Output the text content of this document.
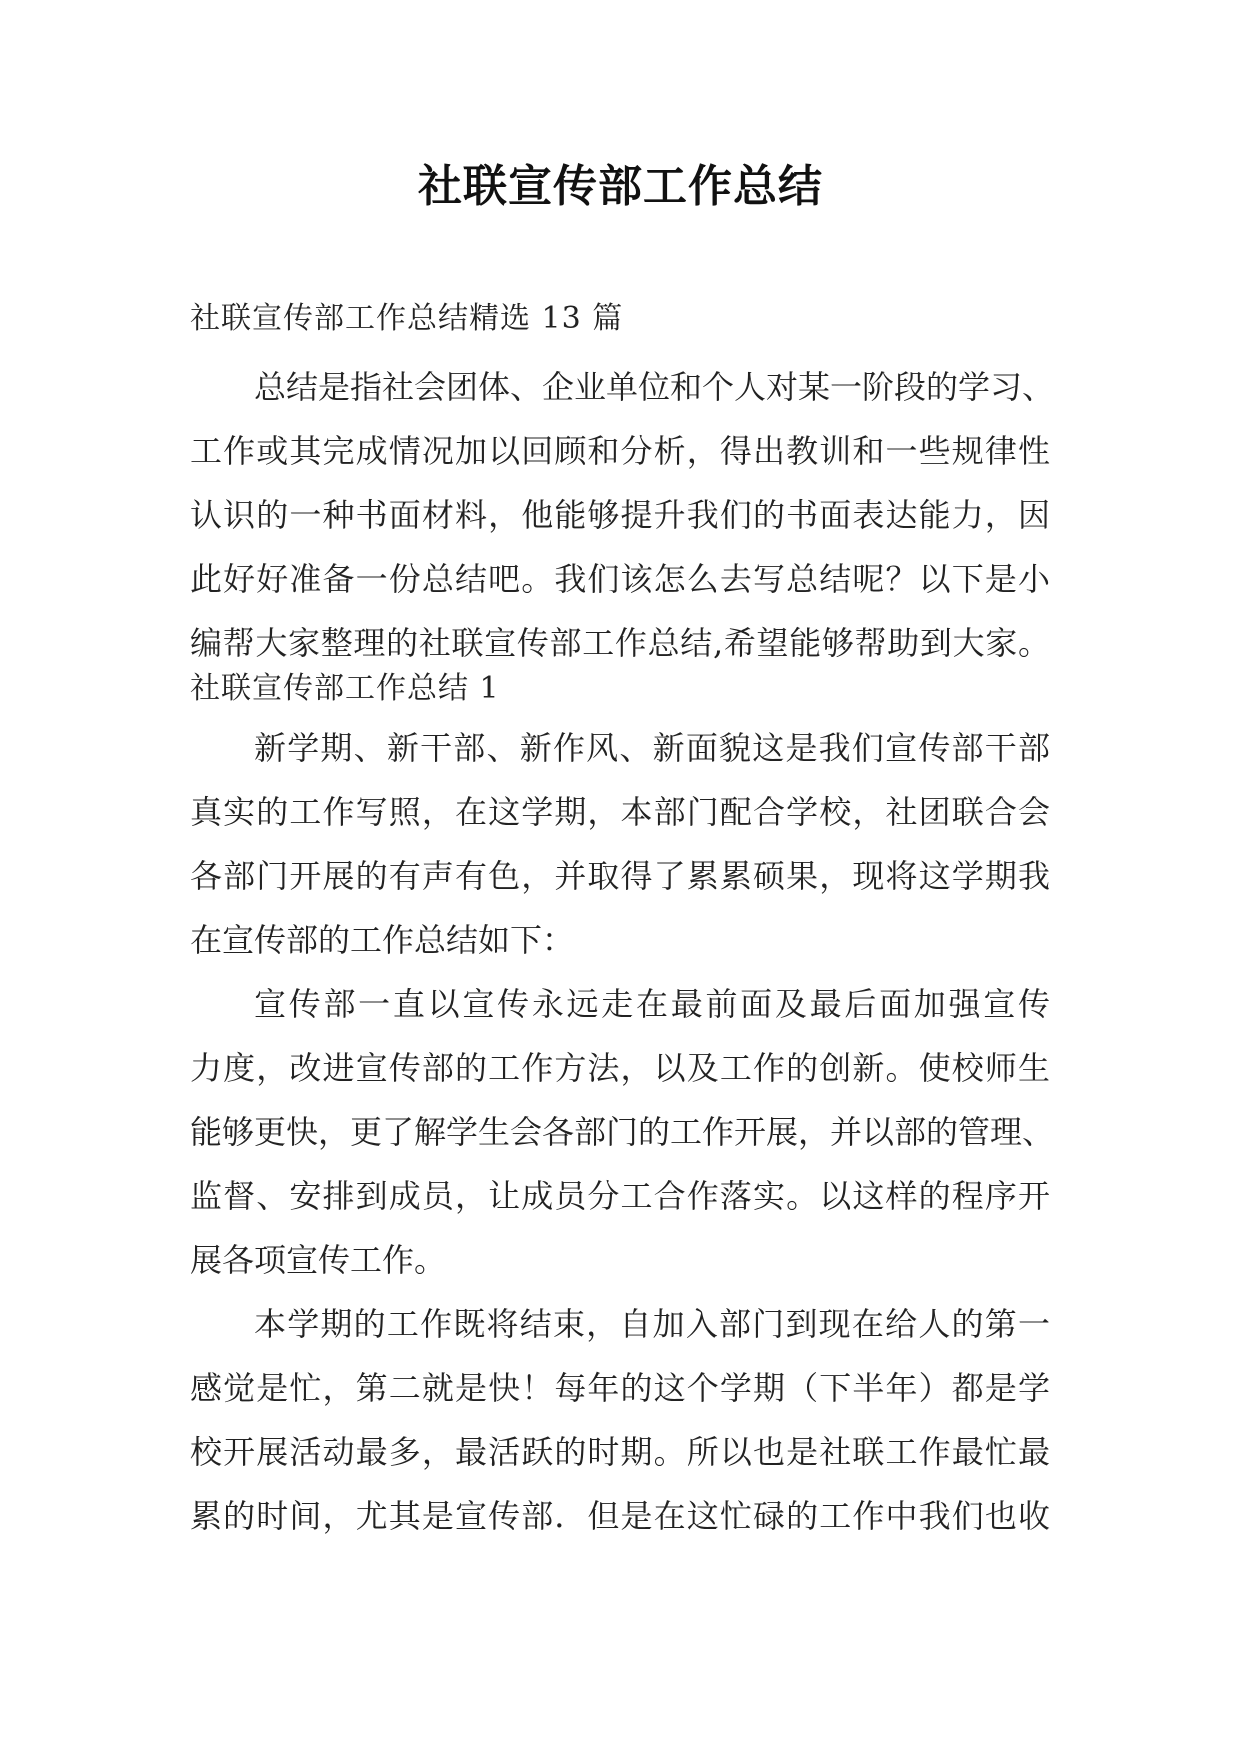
社联宣传部工作总结
社联宣传部工作总结精选 13 篇
总结是指社会团体、企业单位和个人对某一阶段的学习、
工作或其完成情况加以回顾和分析，得出教训和一些规律性
认识的一种书面材料，他能够提升我们的书面表达能力，因
此好好准备一份总结吧。我们该怎么去写总结呢？以下是小
编帮大家整理的社联宣传部工作总结,希望能够帮助到大家。
社联宣传部工作总结 1
新学期、新干部、新作风、新面貌这是我们宣传部干部
真实的工作写照，在这学期，本部门配合学校，社团联合会
各部门开展的有声有色，并取得了累累硕果，现将这学期我
在宣传部的工作总结如下：
宣传部一直以宣传永远走在最前面及最后面加强宣传
力度，改进宣传部的工作方法，以及工作的创新。使校师生
能够更快，更了解学生会各部门的工作开展，并以部的管理、
监督、安排到成员，让成员分工合作落实。以这样的程序开
展各项宣传工作。
本学期的工作既将结束，自加入部门到现在给人的第一
感觉是忙，第二就是快！每年的这个学期（下半年）都是学
校开展活动最多，最活跃的时期。所以也是社联工作最忙最
累的时间，尤其是宣传部．但是在这忙碌的工作中我们也收
